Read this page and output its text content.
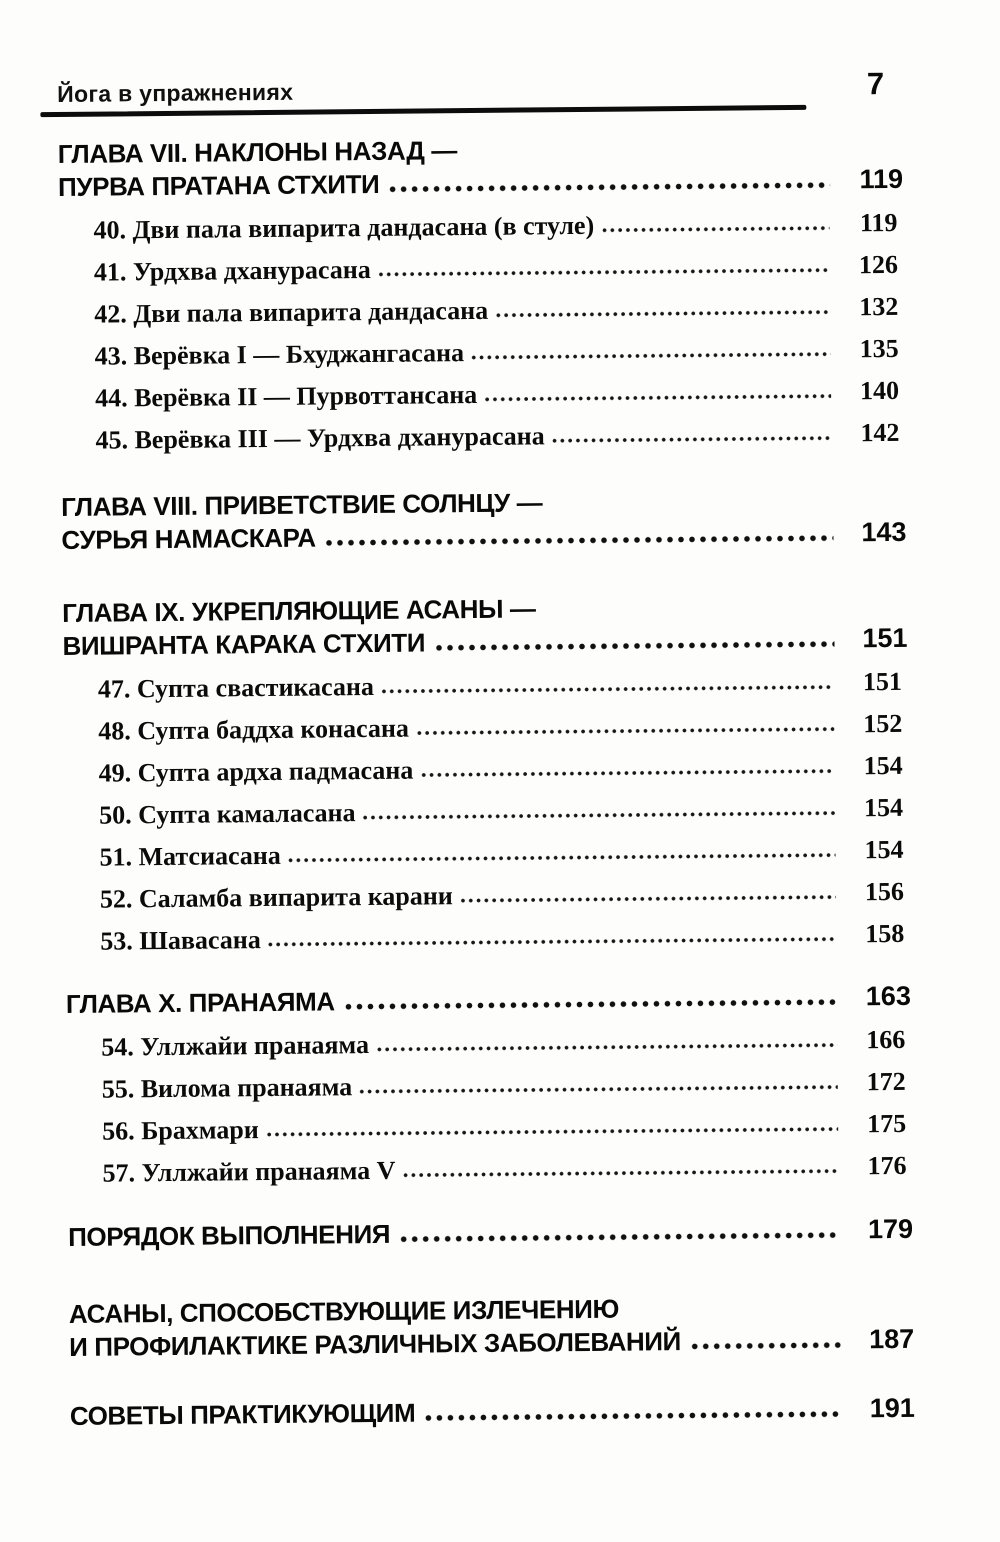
Йога в упражнениях	7
ГЛАВА VII. НАКЛОНЫ НАЗАД —
ПУРВА ПРАТАНА СТХИТИ	119
40. Дви пала випарита дандасана (в стуле)	119
41. Урдхва дханурасана	126
42. Дви пала випарита дандасана	132
43. Верёвка I — Бхуджангасана	135
44. Верёвка II — Пурвоттансана	140
45. Верёвка III — Урдхва дханурасана	142
ГЛАВА VIII. ПРИВЕТСТВИЕ СОЛНЦУ —
СУРЬЯ НАМАСКАРА	143
ГЛАВА IX. УКРЕПЛЯЮЩИЕ АСАНЫ —
ВИШРАНТА КАРАКА СТХИТИ	151
47. Супта свастикасана	151
48. Супта баддха конасана	152
49. Супта ардха падмасана	154
50. Супта камаласана	154
51. Матсиасана	154
52. Саламба випарита карани	156
53. Шавасана	158
ГЛАВА X. ПРАНАЯМА	163
54. Уллжайи пранаяма	166
55. Вилома пранаяма	172
56. Брахмари	175
57. Уллжайи пранаяма V	176
ПОРЯДОК ВЫПОЛНЕНИЯ	179
АСАНЫ, СПОСОБСТВУЮЩИЕ ИЗЛЕЧЕНИЮ
И ПРОФИЛАКТИКЕ РАЗЛИЧНЫХ ЗАБОЛЕВАНИЙ	187
СОВЕТЫ ПРАКТИКУЮЩИМ	191
